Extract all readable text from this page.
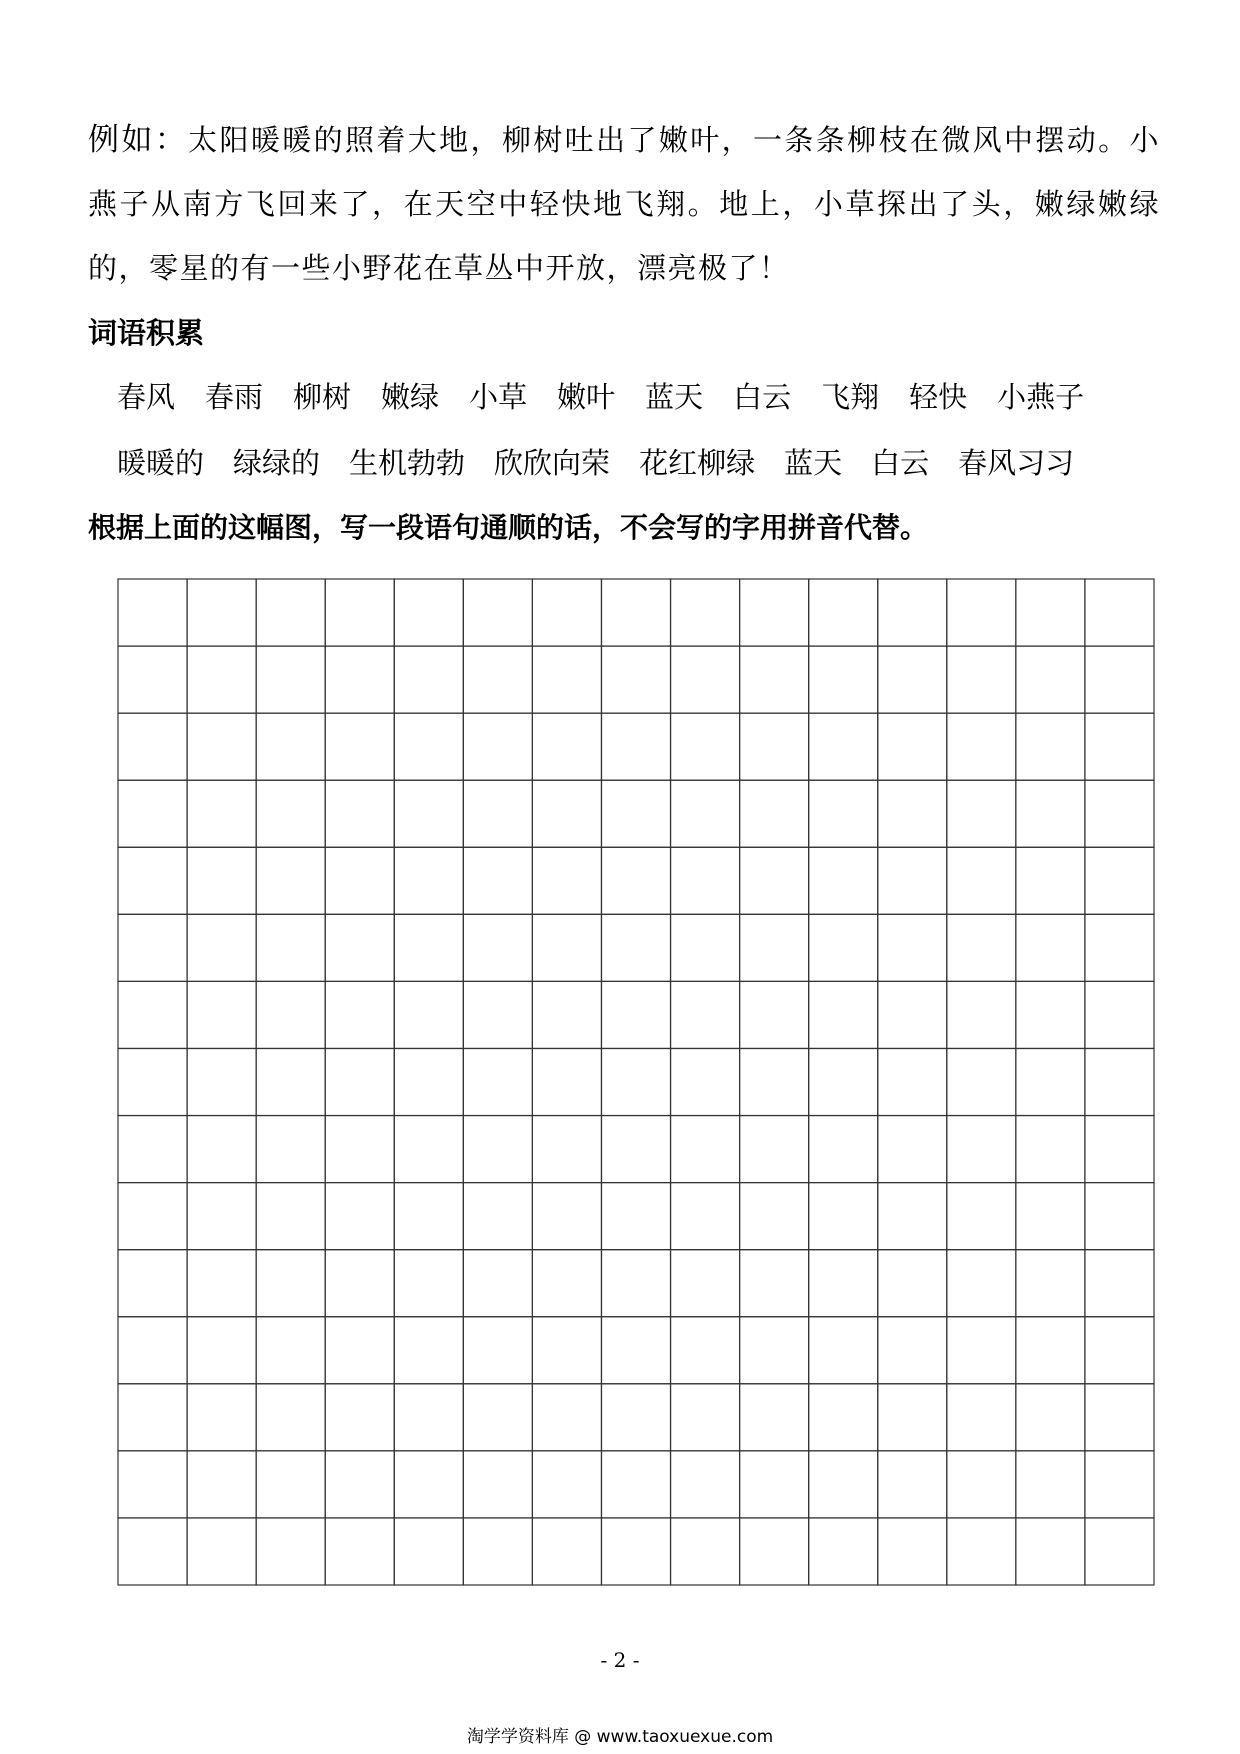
例如：太阳暖暖的照着大地，柳树吐出了嫩叶，一条条柳枝在微风中摆动。小燕子从南方飞回来了，在天空中轻快地飞翔。地上，小草探出了头，嫩绿嫩绿的，零星的有一些小野花在草丛中开放，漂亮极了！

词语积累
春风 春雨 柳树 嫩绿 小草 嫩叶 蓝天 白云 飞翔 轻快 小燕子
暖暖的 绿绿的 生机勃勃 欣欣向荣 花红柳绿 蓝天 白云 春风习习

根据上面的这幅图，写一段语句通顺的话，不会写的字用拼音代替。

- 2 -
淘学学资料库 @ www.taoxuexue.com
